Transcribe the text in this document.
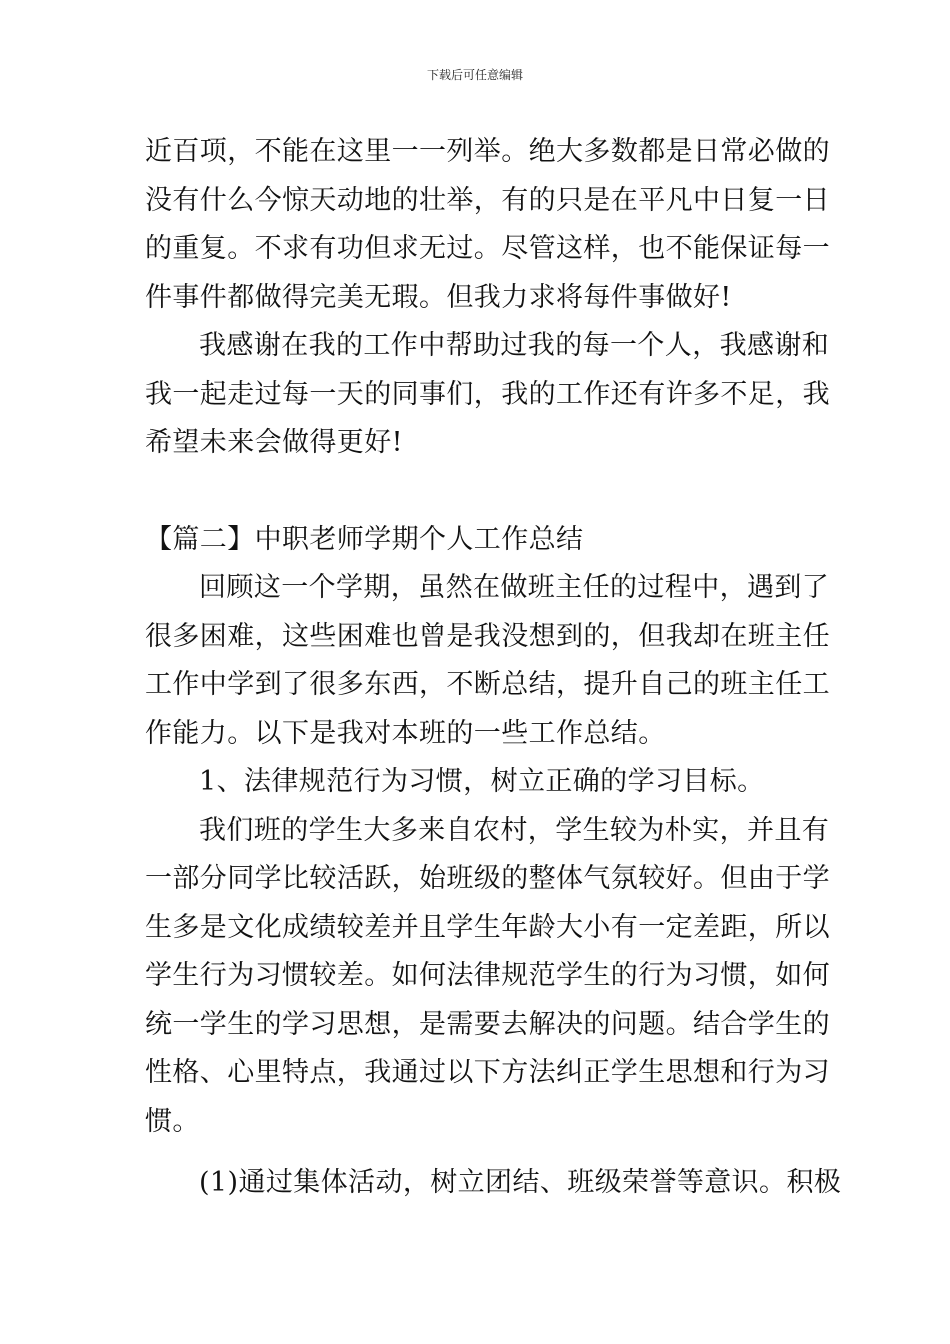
下载后可任意编辑
近百项，不能在这里一一列举。绝大多数都是日常必做的
没有什么今惊天动地的壮举，有的只是在平凡中日复一日
的重复。不求有功但求无过。尽管这样，也不能保证每一
件事件都做得完美无瑕。但我力求将每件事做好!
我感谢在我的工作中帮助过我的每一个人，我感谢和
我一起走过每一天的同事们，我的工作还有许多不足，我
希望未来会做得更好!
【篇二】中职老师学期个人工作总结
回顾这一个学期，虽然在做班主任的过程中，遇到了
很多困难，这些困难也曾是我没想到的，但我却在班主任
工作中学到了很多东西，不断总结，提升自己的班主任工
作能力。以下是我对本班的一些工作总结。
1、法律规范行为习惯，树立正确的学习目标。
我们班的学生大多来自农村，学生较为朴实，并且有
一部分同学比较活跃，始班级的整体气氛较好。但由于学
生多是文化成绩较差并且学生年龄大小有一定差距，所以
学生行为习惯较差。如何法律规范学生的行为习惯，如何
统一学生的学习思想，是需要去解决的问题。结合学生的
性格、心里特点，我通过以下方法纠正学生思想和行为习
惯。
(1)通过集体活动，树立团结、班级荣誉等意识。积极
